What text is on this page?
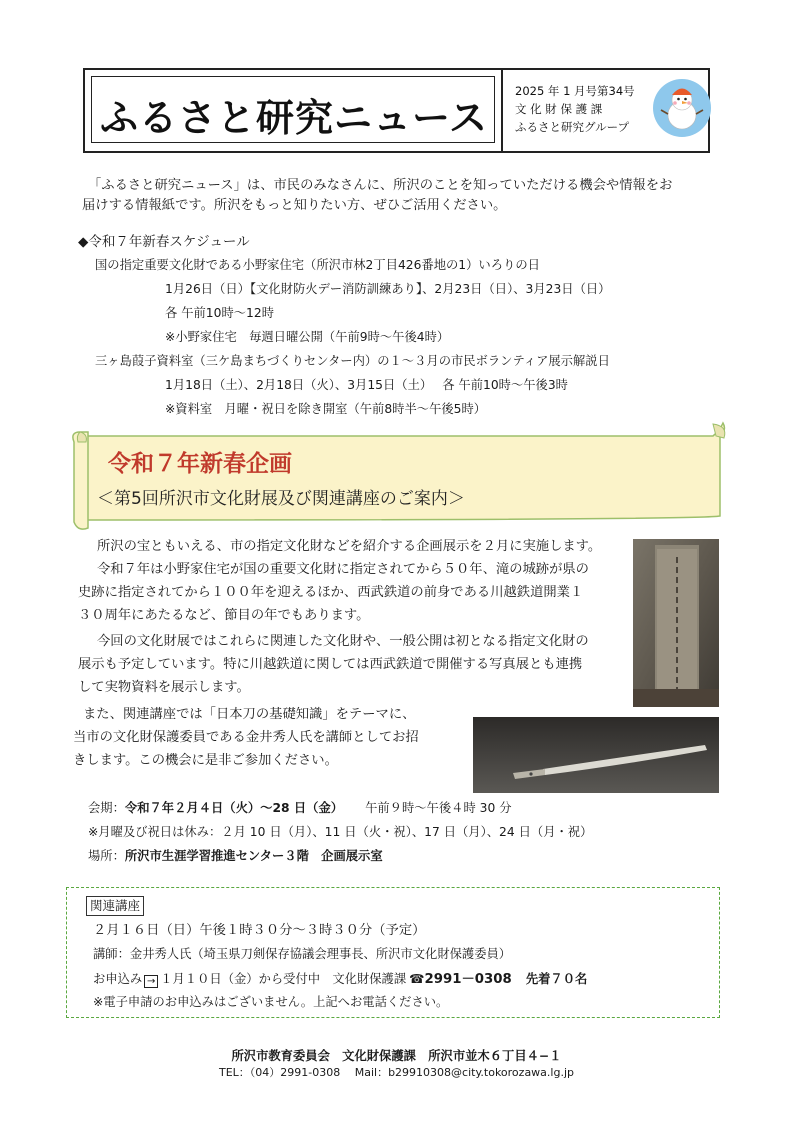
ふるさと研究ニュース
2025 年 1 月号第34号
文 化 財 保 護 課
ふるさと研究グループ
「ふるさと研究ニュース」は、市民のみなさんに、所沢のことを知っていただける機会や情報をお
届けする情報紙です。所沢をもっと知りたい方、ぜひご活用ください。
◆令和７年新春スケジュール
国の指定重要文化財である小野家住宅（所沢市林2丁目426番地の1）いろりの日
1月26日（日）【文化財防火デー消防訓練あり】、2月23日（日）、3月23日（日）
各 午前10時～12時
※小野家住宅　毎週日曜公開（午前9時～午後4時）
三ヶ島葭子資料室（三ケ島まちづくりセンター内）の１～３月の市民ボランティア展示解説日
1月18日（土）、2月18日（火）、3月15日（土）　 各 午前10時～午後3時
※資料室　月曜・祝日を除き開室（午前8時半～午後5時）
令和７年新春企画
＜第5回所沢市文化財展及び関連講座のご案内＞
所沢の宝ともいえる、市の指定文化財などを紹介する企画展示を２月に実施します。
令和７年は小野家住宅が国の重要文化財に指定されてから５０年、滝の城跡が県の
史跡に指定されてから１００年を迎えるほか、西武鉄道の前身である川越鉄道開業１
３０周年にあたるなど、節目の年でもあります。
今回の文化財展ではこれらに関連した文化財や、一般公開は初となる指定文化財の
展示も予定しています。特に川越鉄道に関しては西武鉄道で開催する写真展とも連携
して実物資料を展示します。
また、関連講座では「日本刀の基礎知識」をテーマに、
当市の文化財保護委員である金井秀人氏を講師としてお招
きします。この機会に是非ご参加ください。
会期：令和７年２月４日（火）～28 日（金） 午前９時～午後４時 30 分
※月曜及び祝日は休み：２月 10 日（月）、11 日（火・祝）、17 日（月）、24 日（月・祝）
場所：所沢市生涯学習推進センター３階　企画展示室
関連講座
２月１６日（日）午後１時３０分～３時３０分（予定）
講師：金井秀人氏（埼玉県刀剣保存協議会理事長、所沢市文化財保護委員）
お申込み → １月１０日（金）から受付中　文化財保護課 ☎2991－0308 先着７０名
※電子申請のお申込みはございません。上記へお電話ください。
所沢市教育委員会　文化財保護課　所沢市並木６丁目４−１
TEL：（04）2991-0308　 Mail：b29910308@city.tokorozawa.lg.jp
